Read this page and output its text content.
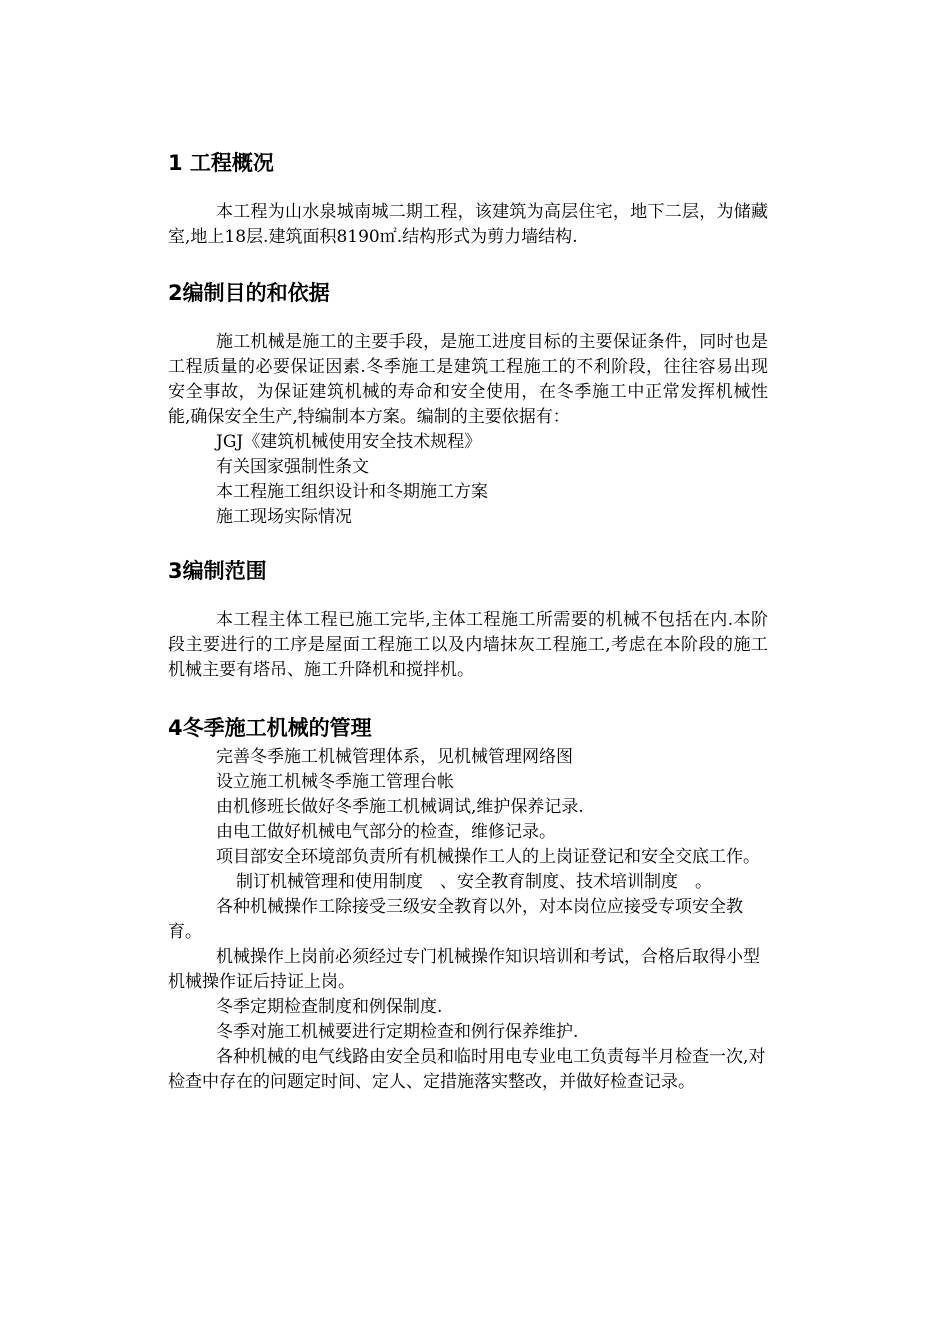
1 工程概况

本工程为山水泉城南城二期工程，该建筑为高层住宅，地下二层，为储藏室,地上18层.建筑面积8190㎡.结构形式为剪力墙结构.

2编制目的和依据

施工机械是施工的主要手段，是施工进度目标的主要保证条件，同时也是工程质量的必要保证因素.冬季施工是建筑工程施工的不利阶段，往往容易出现安全事故，为保证建筑机械的寿命和安全使用，在冬季施工中正常发挥机械性能,确保安全生产,特编制本方案。编制的主要依据有：

JGJ《建筑机械使用安全技术规程》
有关国家强制性条文
本工程施工组织设计和冬期施工方案
施工现场实际情况
3编制范围

本工程主体工程已施工完毕,主体工程施工所需要的机械不包括在内.本阶段主要进行的工序是屋面工程施工以及内墙抹灰工程施工,考虑在本阶段的施工机械主要有塔吊、施工升降机和搅拌机。

4冬季施工机械的管理
完善冬季施工机械管理体系，见机械管理网络图
设立施工机械冬季施工管理台帐
由机修班长做好冬季施工机械调试,维护保养记录.
由电工做好机械电气部分的检查，维修记录。
项目部安全环境部负责所有机械操作工人的上岗证登记和安全交底工作。
制订机械管理和使用制度　、安全教育制度、技术培训制度　。
各种机械操作工除接受三级安全教育以外，对本岗位应接受专项安全教育。
机械操作上岗前必须经过专门机械操作知识培训和考试，合格后取得小型机械操作证后持证上岗。
冬季定期检查制度和例保制度.
冬季对施工机械要进行定期检查和例行保养维护.
各种机械的电气线路由安全员和临时用电专业电工负责每半月检查一次,对检查中存在的问题定时间、定人、定措施落实整改，并做好检查记录。
